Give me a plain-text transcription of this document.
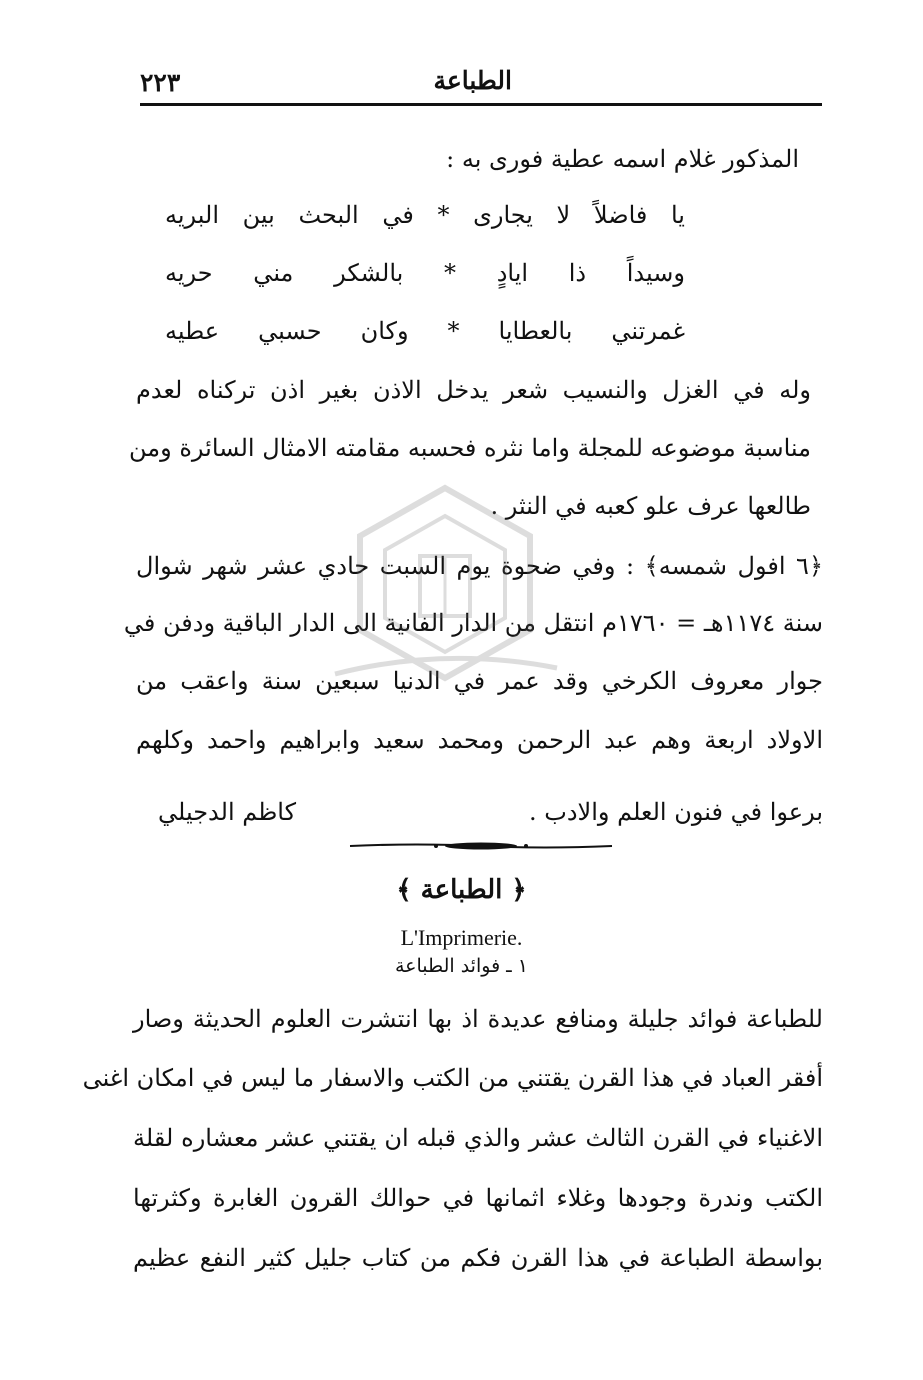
الطباعة
٢٢٣
المذكور غلام اسمه عطية فورى به :
يا فاضلاً لا يجارى * في البحث بين البريه
وسيداً ذا ايادٍ * بالشكر مني حريه
غمرتني بالعطايا * وكان حسبي عطيه
وله في الغزل والنسيب شعر يدخل الاذن بغير اذن تركناه لعدم
مناسبة موضوعه للمجلة واما نثره فحسبه مقامته الامثال السائرة ومن
طالعها عرف علو كعبه في النثر .
﴿٦ افول شمسه﴾ : وفي ضحوة يوم السبت حادي عشر شهر شوال
سنة ١١٧٤هـ = ١٧٦٠م انتقل من الدار الفانية الى الدار الباقية ودفن في
جوار معروف الكرخي وقد عمر في الدنيا سبعين سنة واعقب من
الاولاد اربعة وهم عبد الرحمن ومحمد سعيد وابراهيم واحمد وكلهم
برعوا في فنون العلم والادب .
كاظم الدجيلي
﴿ الطباعة ﴾
L'Imprimerie.
١ ـ فوائد الطباعة
للطباعة فوائد جليلة ومنافع عديدة اذ بها انتشرت العلوم الحديثة وصار
أفقر العباد في هذا القرن يقتني من الكتب والاسفار ما ليس في امكان اغنى
الاغنياء في القرن الثالث عشر والذي قبله ان يقتني عشر معشاره لقلة
الكتب وندرة وجودها وغلاء اثمانها في حوالك القرون الغابرة وكثرتها
بواسطة الطباعة في هذا القرن فكم من كتاب جليل كثير النفع عظيم
